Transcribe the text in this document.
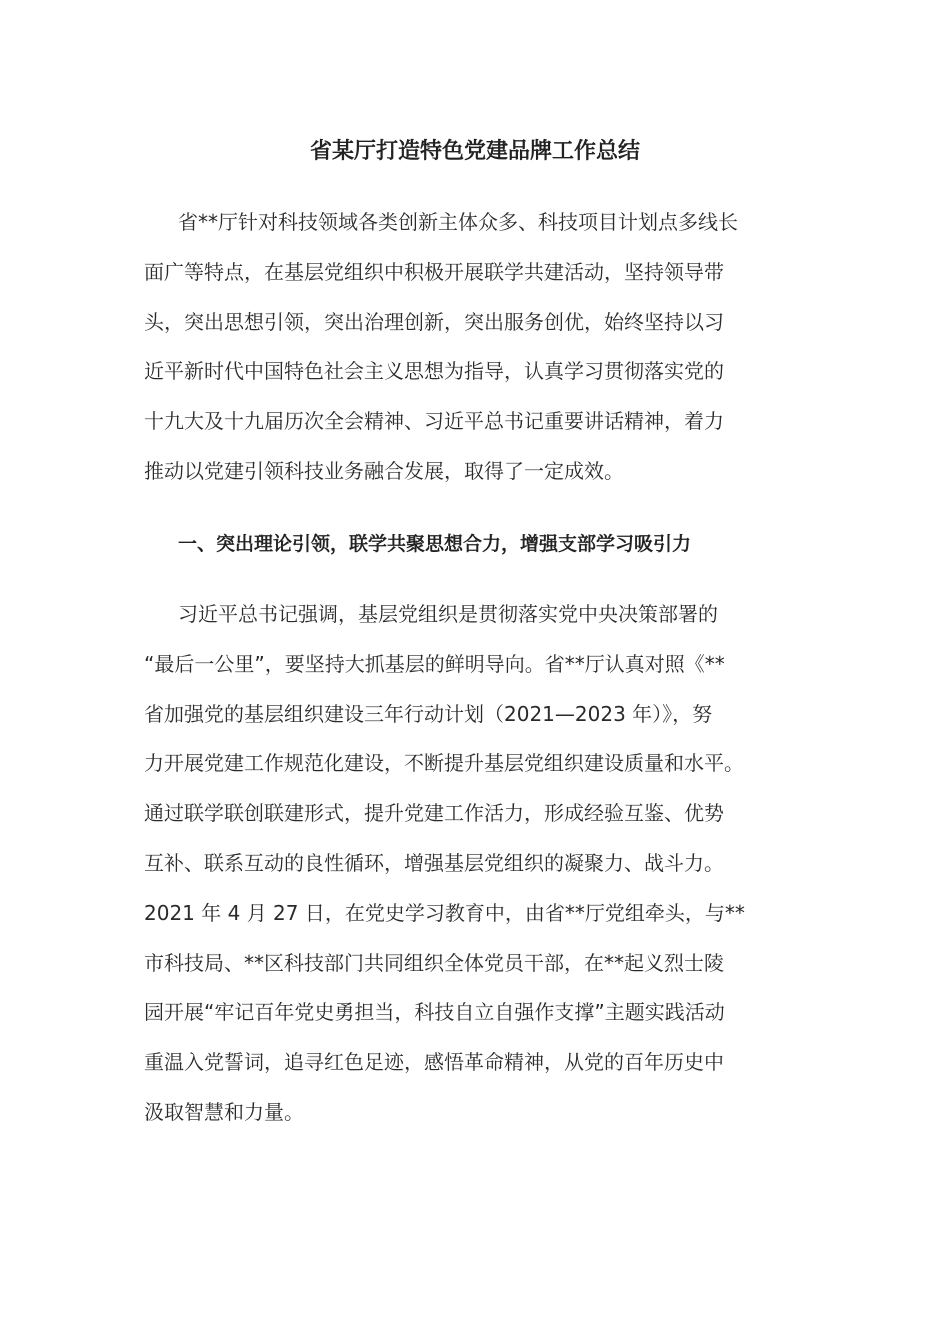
省某厅打造特色党建品牌工作总结

省**厅针对科技领域各类创新主体众多、科技项目计划点多线长
面广等特点，在基层党组织中积极开展联学共建活动，坚持领导带
头，突出思想引领，突出治理创新，突出服务创优，始终坚持以习
近平新时代中国特色社会主义思想为指导，认真学习贯彻落实党的
十九大及十九届历次全会精神、习近平总书记重要讲话精神，着力
推动以党建引领科技业务融合发展，取得了一定成效。

一、突出理论引领，联学共聚思想合力，增强支部学习吸引力

习近平总书记强调，基层党组织是贯彻落实党中央决策部署的
“最后一公里”，要坚持大抓基层的鲜明导向。省**厅认真对照《**
省加强党的基层组织建设三年行动计划（2021—2023 年）》，努
力开展党建工作规范化建设，不断提升基层党组织建设质量和水平。
通过联学联创联建形式，提升党建工作活力，形成经验互鉴、优势
互补、联系互动的良性循环，增强基层党组织的凝聚力、战斗力。
2021 年 4 月 27 日，在党史学习教育中，由省**厅党组牵头，与**
市科技局、**区科技部门共同组织全体党员干部，在**起义烈士陵
园开展“牢记百年党史勇担当，科技自立自强作支撑”主题实践活动
重温入党誓词，追寻红色足迹，感悟革命精神，从党的百年历史中
汲取智慧和力量。
